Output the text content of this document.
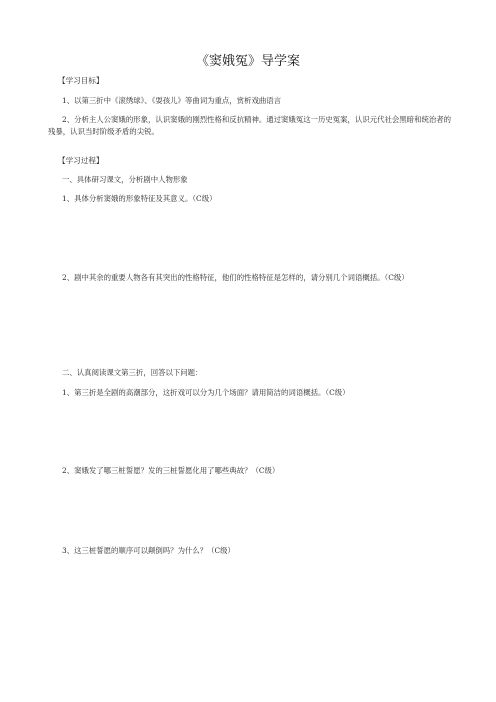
《窦娥冤》导学案
【学习目标】
1、以第三折中《滚绣球》、《耍孩儿》等曲词为重点，赏析戏曲语言
2、分析主人公窦娥的形象，认识窦娥的刚烈性格和反抗精神。通过窦娥冤这一历史冤案，认识元代社会黑暗和统治者的残暴，认识当时阶级矛盾的尖锐。
【学习过程】
一、具体研习课文，分析剧中人物形象
1、具体分析窦娥的形象特征及其意义。（C级）
2、剧中其余的重要人物各有其突出的性格特征，他们的性格特征是怎样的，请分别几个词语概括。（C级）
二、认真阅读课文第三折，回答以下问题：
1、第三折是全剧的高潮部分，这折戏可以分为几个场面？请用简洁的词语概括。（C级）
2、窦娥发了哪三桩誓愿？发的三桩誓愿化用了哪些典故？（C级）
3、这三桩誓愿的顺序可以颠倒吗？为什么？（C级）
